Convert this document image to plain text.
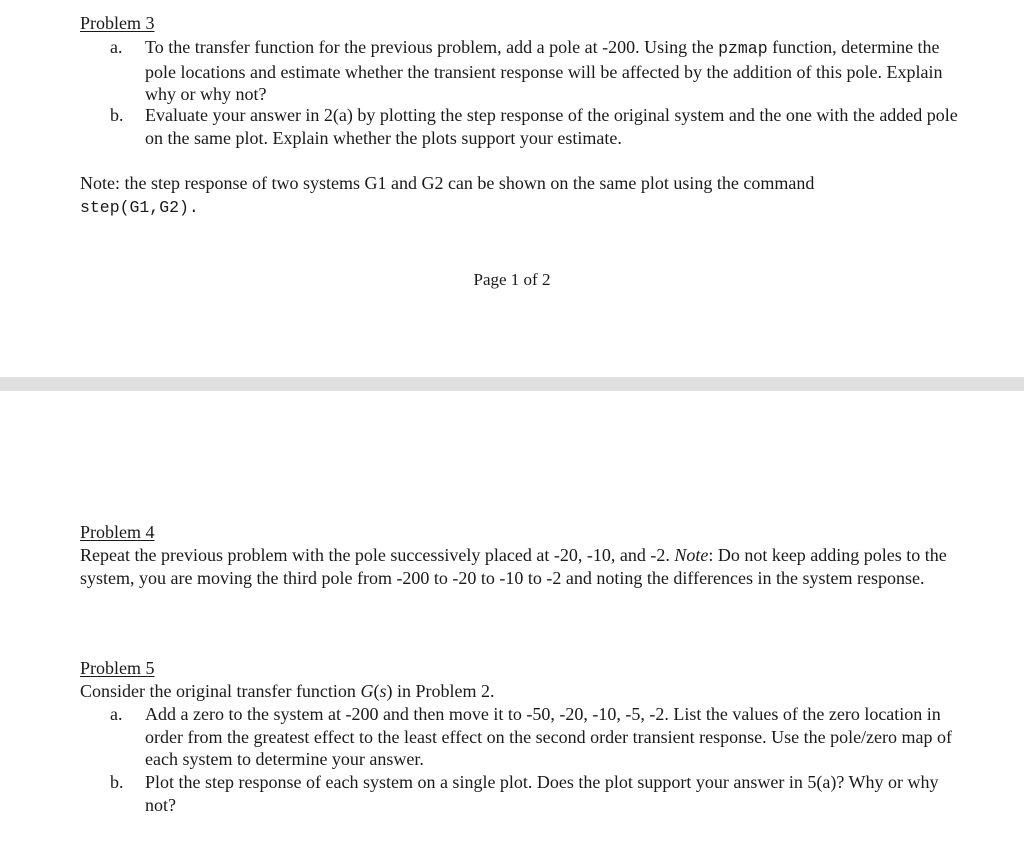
Problem 3
a. To the transfer function for the previous problem, add a pole at -200. Using the pzmap function, determine the pole locations and estimate whether the transient response will be affected by the addition of this pole. Explain why or why not?
b. Evaluate your answer in 2(a) by plotting the step response of the original system and the one with the added pole on the same plot. Explain whether the plots support your estimate.
Note: the step response of two systems G1 and G2 can be shown on the same plot using the command
step(G1,G2).
Page 1 of 2
Problem 4
Repeat the previous problem with the pole successively placed at -20, -10, and -2. Note: Do not keep adding poles to the system, you are moving the third pole from -200 to -20 to -10 to -2 and noting the differences in the system response.
Problem 5
Consider the original transfer function G(s) in Problem 2.
a. Add a zero to the system at -200 and then move it to -50, -20, -10, -5, -2. List the values of the zero location in order from the greatest effect to the least effect on the second order transient response. Use the pole/zero map of each system to determine your answer.
b. Plot the step response of each system on a single plot. Does the plot support your answer in 5(a)? Why or why not?
